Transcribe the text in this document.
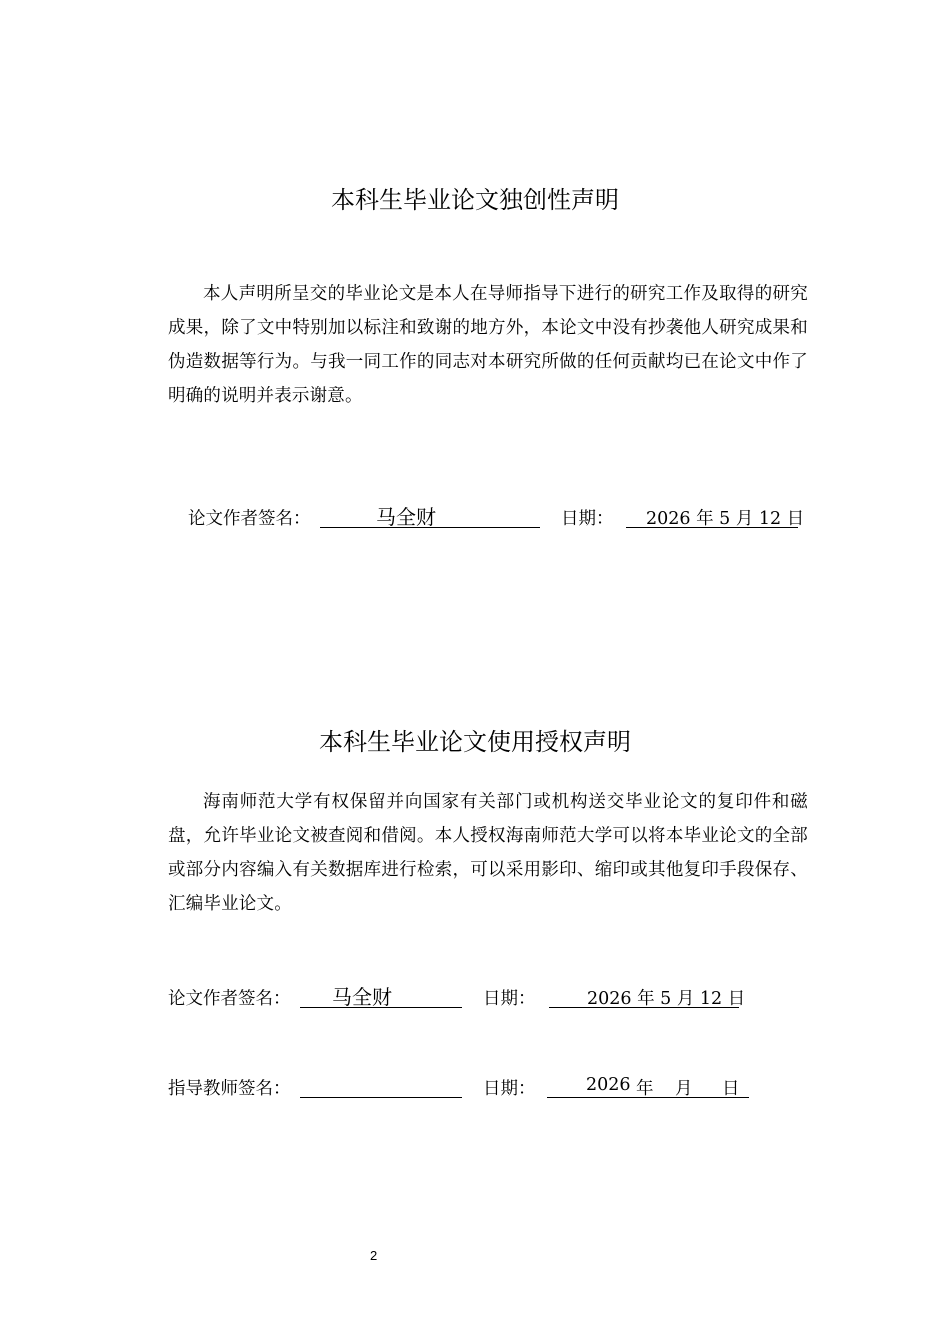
本科生毕业论文独创性声明
本人声明所呈交的毕业论文是本人在导师指导下进行的研究工作及取得的研究成果，除了文中特别加以标注和致谢的地方外，本论文中没有抄袭他人研究成果和伪造数据等行为。与我一同工作的同志对本研究所做的任何贡献均已在论文中作了明确的说明并表示谢意。
论文作者签名：	马全财	日期： 2026 年 5 月 12 日
本科生毕业论文使用授权声明
海南师范大学有权保留并向国家有关部门或机构送交毕业论文的复印件和磁盘，允许毕业论文被查阅和借阅。本人授权海南师范大学可以将本毕业论文的全部或部分内容编入有关数据库进行检索，可以采用影印、缩印或其他复印手段保存、汇编毕业论文。
论文作者签名： 马全财	日期：	2026 年 5 月 12 日
指导教师签名：	日期：	2026 年 月 日
2
